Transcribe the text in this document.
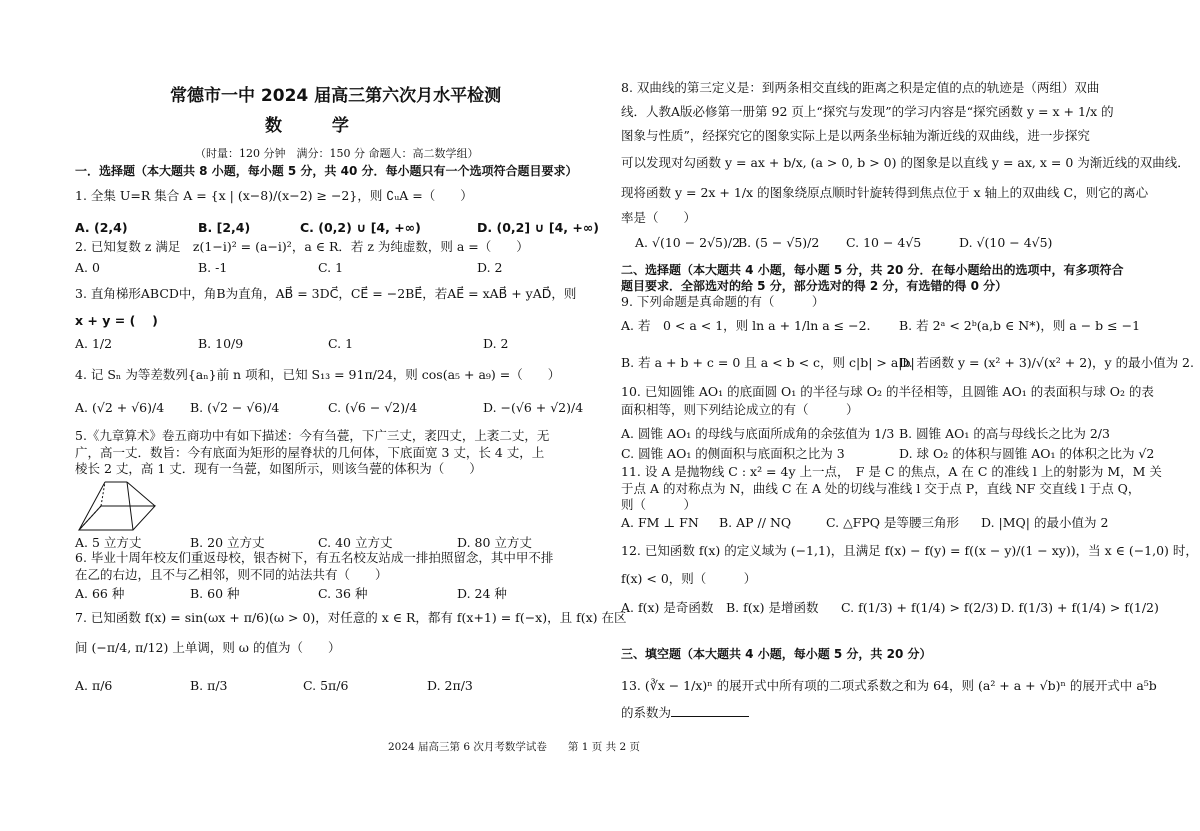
常德市一中 2024 届高三第六次月水平检测
数 学
（时量：120 分钟　满分：150 分 命题人：高二数学组）
一．选择题（本大题共 8 小题，每小题 5 分，共 40 分．每小题只有一个选项符合题目要求）
1. 全集 U=R 集合 A = {x | (x−8)/(x−2) ≥ −2}，则 ∁ᵤA =（　　）
A. (2,4)	B. [2,4)	C. (0,2) ∪ [4, +∞)	D. (0,2] ∪ [4, +∞)
2. 已知复数 z 满足　z(1−i)² = (a−i)²，a ∈ R．若 z 为纯虚数，则 a =（　　）
A. 0	B. -1	C. 1	D. 2
3. 直角梯形ABCD中，角B为直角，AB⃗ = 3DC⃗，CE⃗ = −2BE⃗，若AE⃗ = xAB⃗ + yAD⃗，则
x + y = (　 )
A. 1/2	B. 10/9	C. 1	D. 2
4. 记 Sₙ 为等差数列{aₙ}前 n 项和，已知 S₁₃ = 91π/24，则 cos(a₅ + a₉) =（　　）
A. (√2 + √6)/4 B. (√2 − √6)/4	C. (√6 − √2)/4	D. −(√6 + √2)/4
5.《九章算术》卷五商功中有如下描述：今有刍甍，下广三丈，袤四丈，上袤二丈，无
广，高一丈．数旨：今有底面为矩形的屋脊状的几何体，下底面宽 3 丈，长 4 丈，上
棱长 2 丈，高 1 丈．现有一刍甍，如图所示，则该刍甍的体积为（　　）
A. 5 立方丈	B. 20 立方丈	C. 40 立方丈	D. 80 立方丈
6. 毕业十周年校友们重返母校，银杏树下，有五名校友站成一排拍照留念，其中甲不排
在乙的右边，且不与乙相邻，则不同的站法共有（　　）
A. 66 种	B. 60 种	C. 36 种	D. 24 种
7. 已知函数 f(x) = sin(ωx + π/6)(ω > 0)，对任意的 x ∈ R，都有 f(x+1) = f(−x)，且 f(x) 在区
间 (−π/4, π/12) 上单调，则 ω 的值为（　　）
A. π/6	B. π/3	C. 5π/6	D. 2π/3
8. 双曲线的第三定义是：到两条相交直线的距离之积是定值的点的轨迹是（两组）双曲
线．人教A版必修第一册第 92 页上“探究与发现”的学习内容是“探究函数 y = x + 1/x 的
图象与性质”，经探究它的图象实际上是以两条坐标轴为渐近线的双曲线，进一步探究
可以发现对勾函数 y = ax + b/x, (a > 0, b > 0) 的图象是以直线 y = ax, x = 0 为渐近线的双曲线．
现将函数 y = 2x + 1/x 的图象绕原点顺时针旋转得到焦点位于 x 轴上的双曲线 C，则它的离心
率是（　　）
A. √(10 − 2√5)/2
B. (5 − √5)/2 C. 10 − 4√5	D. √(10 − 4√5)
二、选择题（本大题共 4 小题，每小题 5 分，共 20 分．在每小题给出的选项中，有多项符合
题目要求．全部选对的给 5 分，部分选对的得 2 分，有选错的得 0 分）
9. 下列命题是真命题的有（　　　）
A. 若　0 < a < 1，则 ln a + 1/ln a ≤ −2. B. 若 2ᵃ < 2ᵇ(a,b ∈ N*)，则 a − b ≤ −1
B. 若 a + b + c = 0 且 a < b < c，则 c|b| > a|b|
D. 若函数 y = (x² + 3)/√(x² + 2)，y 的最小值为 2.
10. 已知圆锥 AO₁ 的底面圆 O₁ 的半径与球 O₂ 的半径相等，且圆锥 AO₁ 的表面积与球 O₂ 的表
面积相等，则下列结论成立的有（　　　）
A. 圆锥 AO₁ 的母线与底面所成角的余弦值为 1/3 B. 圆锥 AO₁ 的高与母线长之比为 2/3
C. 圆锥 AO₁ 的侧面积与底面积之比为 3	D. 球 O₂ 的体积与圆锥 AO₁ 的体积之比为 √2
11. 设 A 是抛物线 C : x² = 4y 上一点，　F 是 C 的焦点，A 在 C 的准线 l 上的射影为 M，M 关
于点 A 的对称点为 N，曲线 C 在 A 处的切线与准线 l 交于点 P，直线 NF 交直线 l 于点 Q，
则（　　　）
A. FM ⊥ FN B. AP // NQ	C. △FPQ 是等腰三角形 D. |MQ| 的最小值为 2
12. 已知函数 f(x) 的定义域为 (−1,1)，且满足 f(x) − f(y) = f((x − y)/(1 − xy))，当 x ∈ (−1,0) 时，
f(x) < 0，则（　　　）
A. f(x) 是奇函数 B. f(x) 是增函数 C. f(1/3) + f(1/4) > f(2/3) D. f(1/3) + f(1/4) > f(1/2)
三、填空题（本大题共 4 小题，每小题 5 分，共 20 分）
13. (∛x − 1/x)ⁿ 的展开式中所有项的二项式系数之和为 64，则 (a² + a + √b)ⁿ 的展开式中 a⁵b
的系数为
2024 届高三第 6 次月考数学试卷　　第 1 页 共 2 页
